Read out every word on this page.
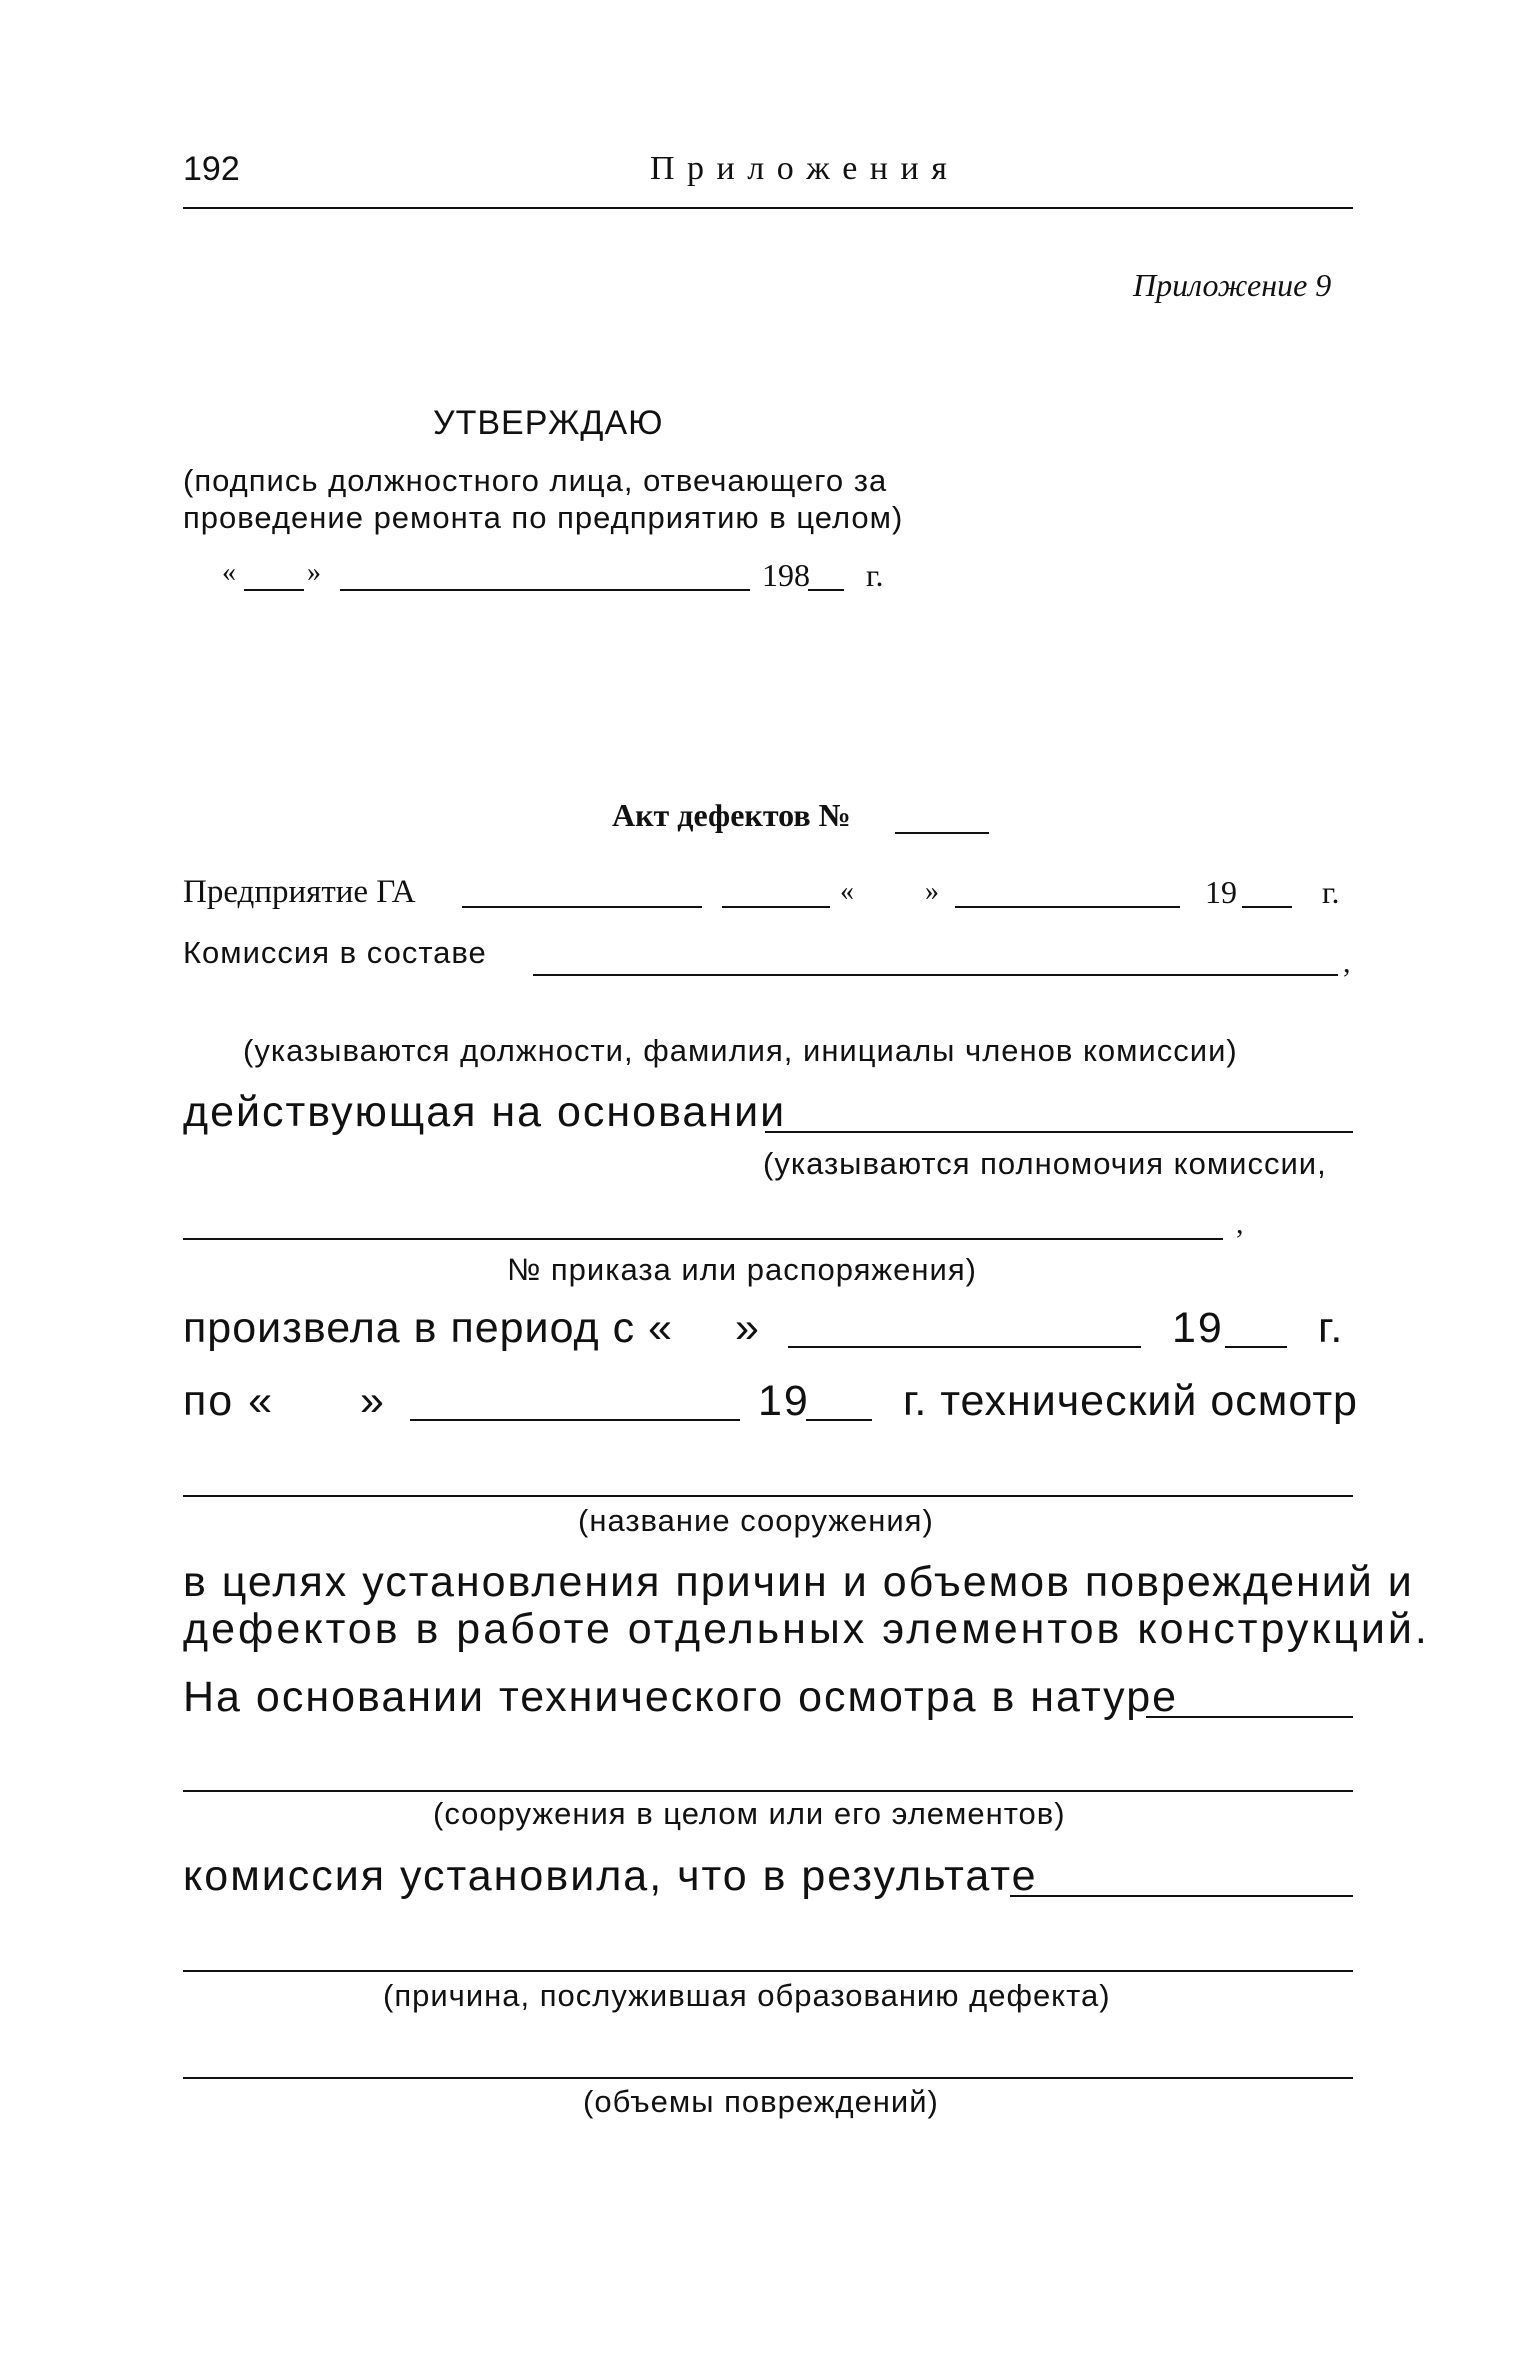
192	П р и л о ж е н и я
Приложение 9
УТВЕРЖДАЮ
(подпись должностного лица, отвечающего за
проведение ремонта по предприятию в целом)
«	»	198 г.
Акт дефектов №
Предприятие ГА	«	»	19	г.
Комиссия в составе	,
(указываются должности, фамилия, инициалы членов комиссии)
действующая на основании
(указываются полномочия комиссии,
,
№ приказа или распоряжения)
произвела в период с « »	19 г.
по « »	19 г. технический осмотр
(название сооружения)
в целях установления причин и объемов повреждений и
дефектов в работе отдельных элементов конструкций.
На основании технического осмотра в натуре
(сооружения в целом или его элементов)
комиссия установила, что в результате
(причина, послужившая образованию дефекта)
(объемы повреждений)
